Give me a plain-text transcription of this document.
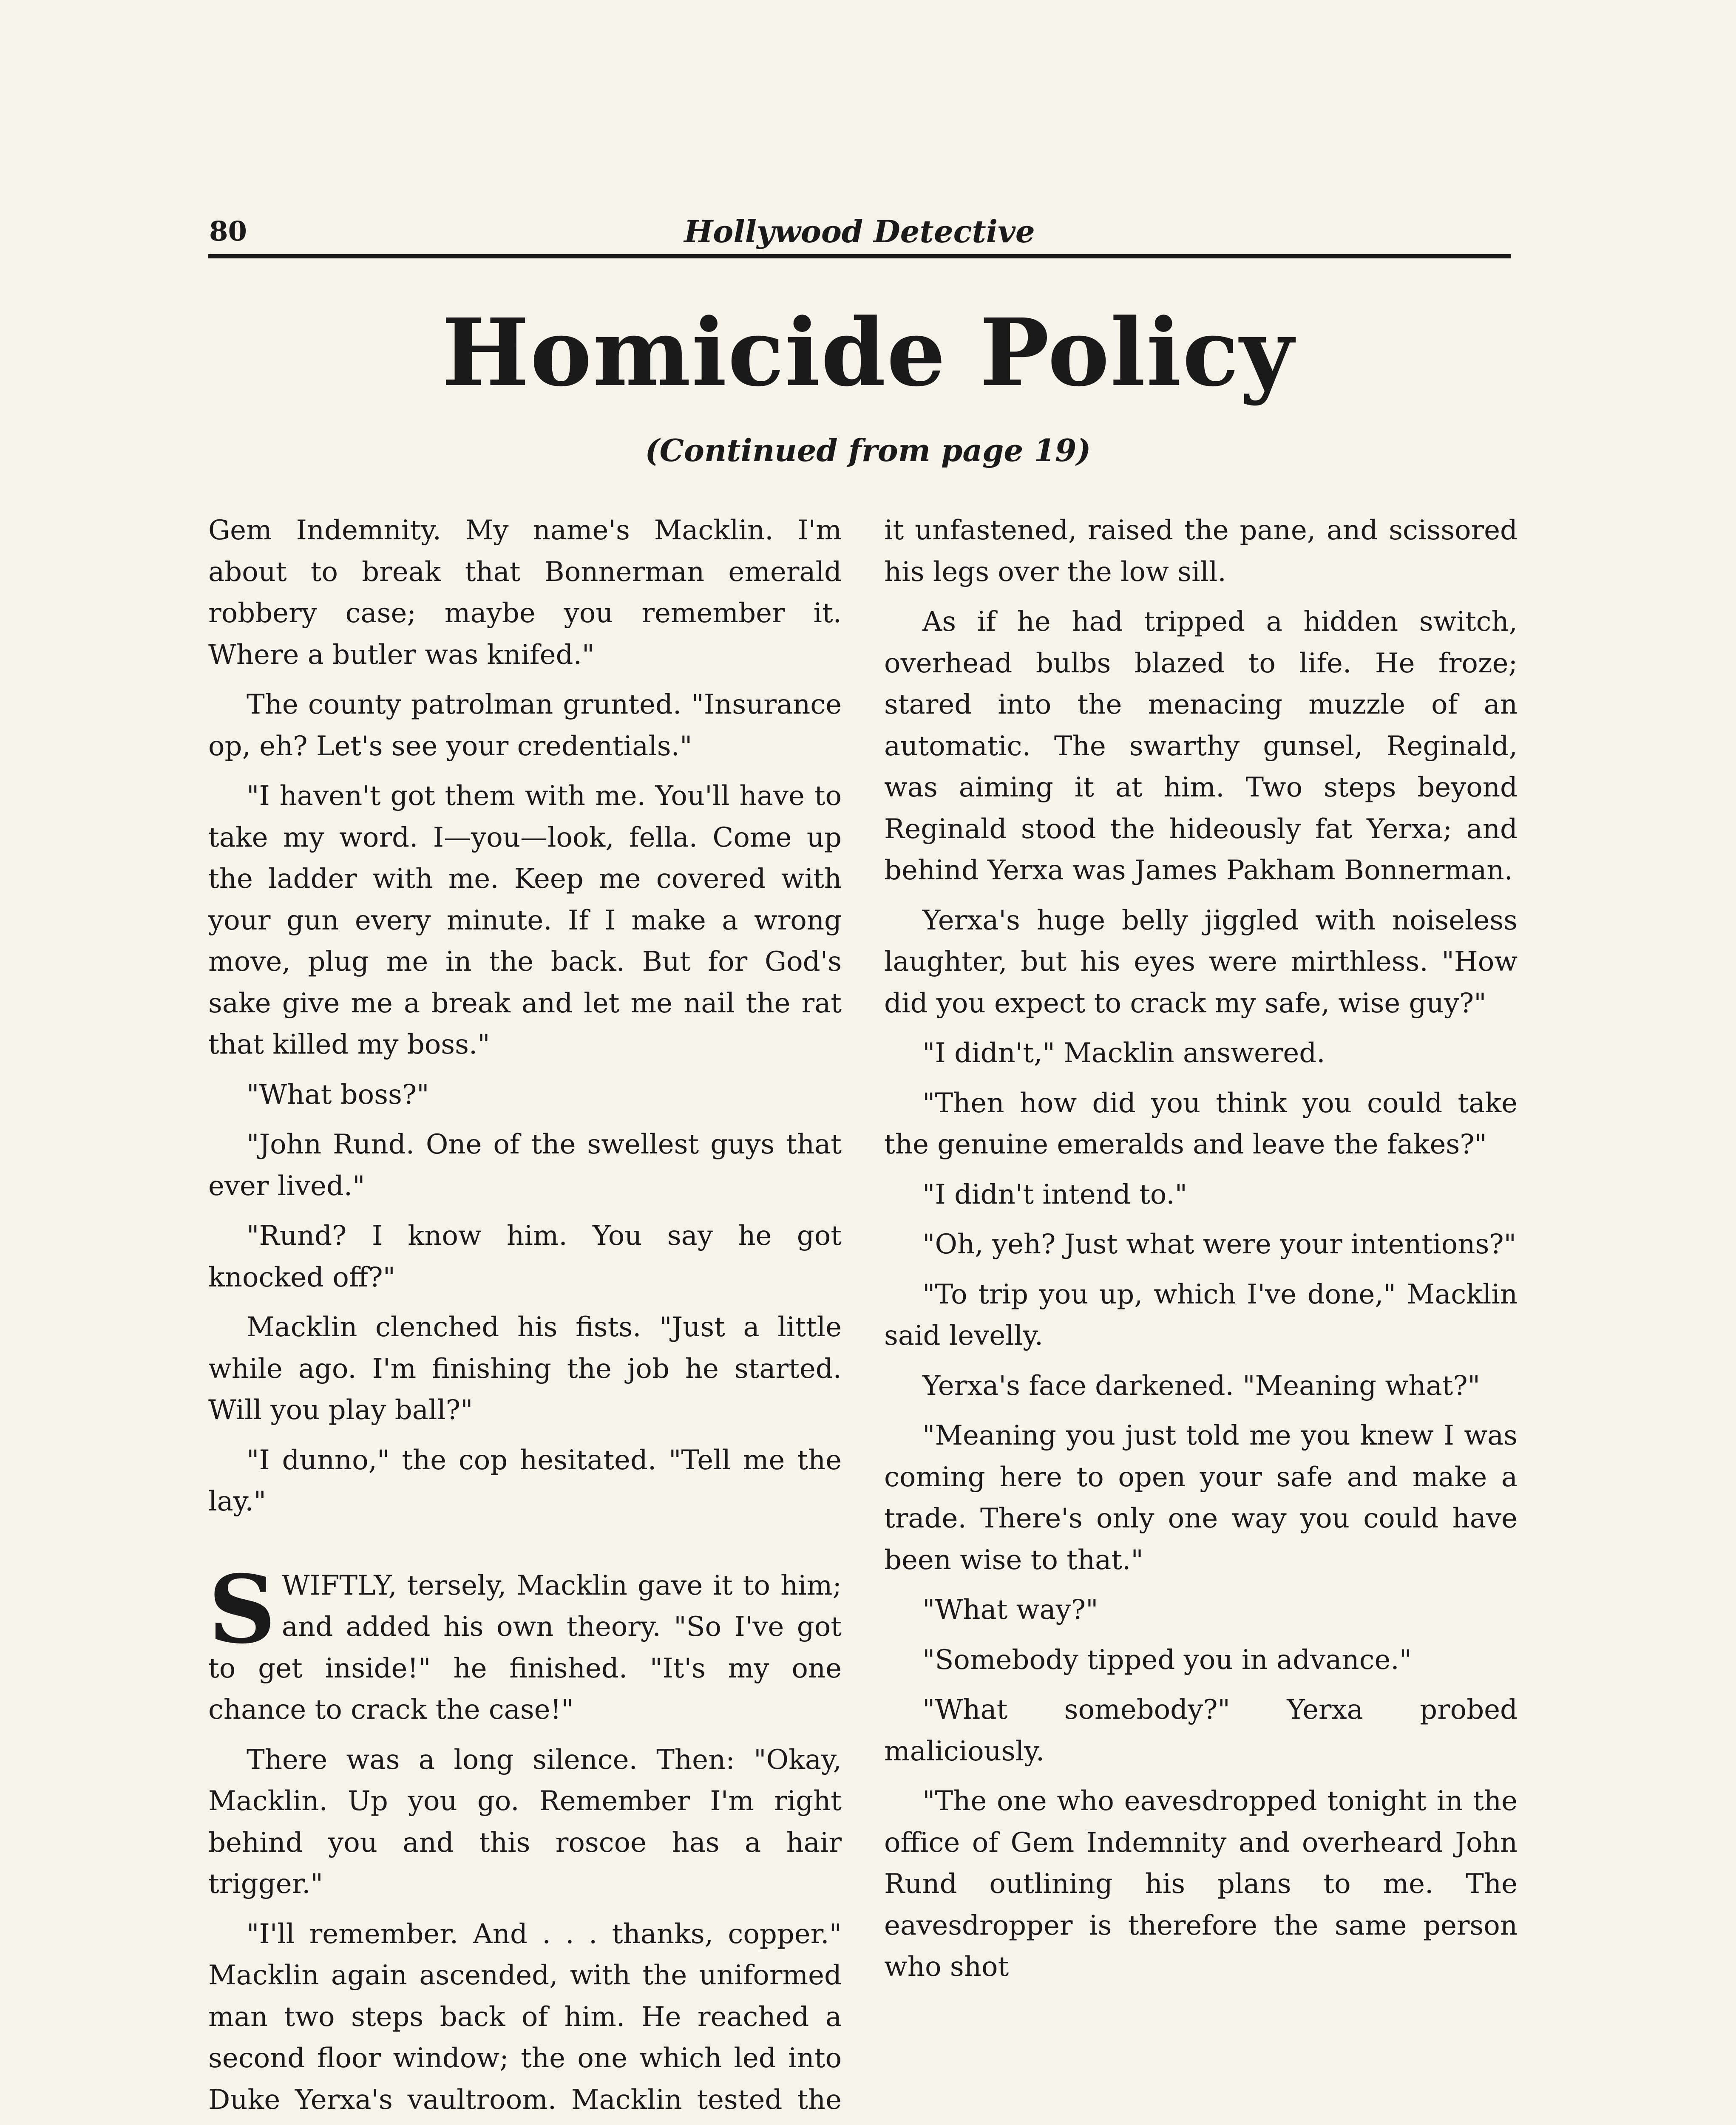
80	Hollywood Detective
Homicide Policy
(Continued from page 19)

Gem Indemnity. My name's Macklin. I'm about to break that Bonnerman emerald robbery case; maybe you remember it. Where a butler was knifed."

The county patrolman grunted. "Insurance op, eh? Let's see your credentials."

"I haven't got them with me. You'll have to take my word. I—you—look, fella. Come up the ladder with me. Keep me covered with your gun every minute. If I make a wrong move, plug me in the back. But for God's sake give me a break and let me nail the rat that killed my boss."

"What boss?"

"John Rund. One of the swellest guys that ever lived."

"Rund? I know him. You say he got knocked off?"

Macklin clenched his fists. "Just a little while ago. I'm finishing the job he started. Will you play ball?"

"I dunno," the cop hesitated. "Tell me the lay."

SWIFTLY, tersely, Macklin gave it to him; and added his own theory. "So I've got to get inside!" he finished. "It's my one chance to crack the case!"

There was a long silence. Then: "Okay, Macklin. Up you go. Remember I'm right behind you and this roscoe has a hair trigger."

"I'll remember. And . . . thanks, copper." Macklin again ascended, with the uniformed man two steps back of him. He reached a second floor window; the one which led into Duke Yerxa's vaultroom. Macklin tested the

it unfastened, raised the pane, and scissored his legs over the low sill.

As if he had tripped a hidden switch, overhead bulbs blazed to life. He froze; stared into the menacing muzzle of an automatic. The swarthy gunsel, Reginald, was aiming it at him. Two steps beyond Reginald stood the hideously fat Yerxa; and behind Yerxa was James Pakham Bonnerman.

Yerxa's huge belly jiggled with noiseless laughter, but his eyes were mirthless. "How did you expect to crack my safe, wise guy?"

"I didn't," Macklin answered.

"Then how did you think you could take the genuine emeralds and leave the fakes?"

"I didn't intend to."

"Oh, yeh? Just what were your intentions?"

"To trip you up, which I've done," Macklin said levelly.

Yerxa's face darkened. "Meaning what?"

"Meaning you just told me you knew I was coming here to open your safe and make a trade. There's only one way you could have been wise to that."

"What way?"

"Somebody tipped you in advance."

"What somebody?" Yerxa probed maliciously.

"The one who eavesdropped tonight in the office of Gem Indemnity and overheard John Rund outlining his plans to me. The eavesdropper is therefore the same person who shot
